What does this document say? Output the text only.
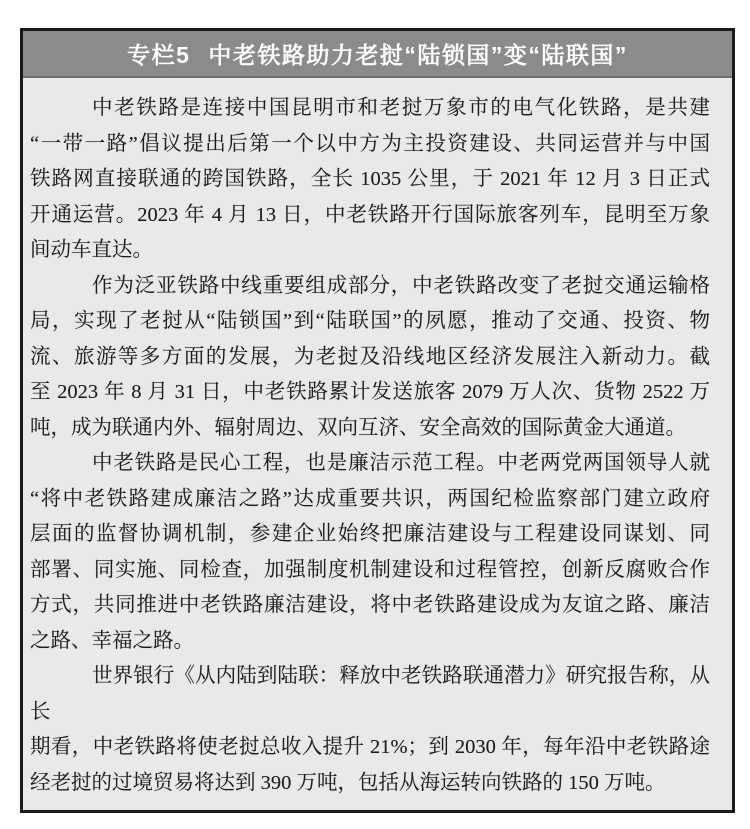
专栏5 中老铁路助力老挝“陆锁国”变“陆联国”

中老铁路是连接中国昆明市和老挝万象市的电气化铁路，是共建
“一带一路”倡议提出后第一个以中方为主投资建设、共同运营并与中国
铁路网直接联通的跨国铁路，全长 1035 公里，于 2021 年 12 月 3 日正式
开通运营。2023 年 4 月 13 日，中老铁路开行国际旅客列车，昆明至万象
间动车直达。

作为泛亚铁路中线重要组成部分，中老铁路改变了老挝交通运输格
局，实现了老挝从“陆锁国”到“陆联国”的夙愿，推动了交通、投资、物
流、旅游等多方面的发展，为老挝及沿线地区经济发展注入新动力。截
至 2023 年 8 月 31 日，中老铁路累计发送旅客 2079 万人次、货物 2522 万
吨，成为联通内外、辐射周边、双向互济、安全高效的国际黄金大通道。

中老铁路是民心工程，也是廉洁示范工程。中老两党两国领导人就
“将中老铁路建成廉洁之路”达成重要共识，两国纪检监察部门建立政府
层面的监督协调机制，参建企业始终把廉洁建设与工程建设同谋划、同
部署、同实施、同检查，加强制度机制建设和过程管控，创新反腐败合作
方式，共同推进中老铁路廉洁建设，将中老铁路建设成为友谊之路、廉洁
之路、幸福之路。

世界银行《从内陆到陆联：释放中老铁路联通潜力》研究报告称，从长
期看，中老铁路将使老挝总收入提升 21%；到 2030 年，每年沿中老铁路途
经老挝的过境贸易将达到 390 万吨，包括从海运转向铁路的 150 万吨。
